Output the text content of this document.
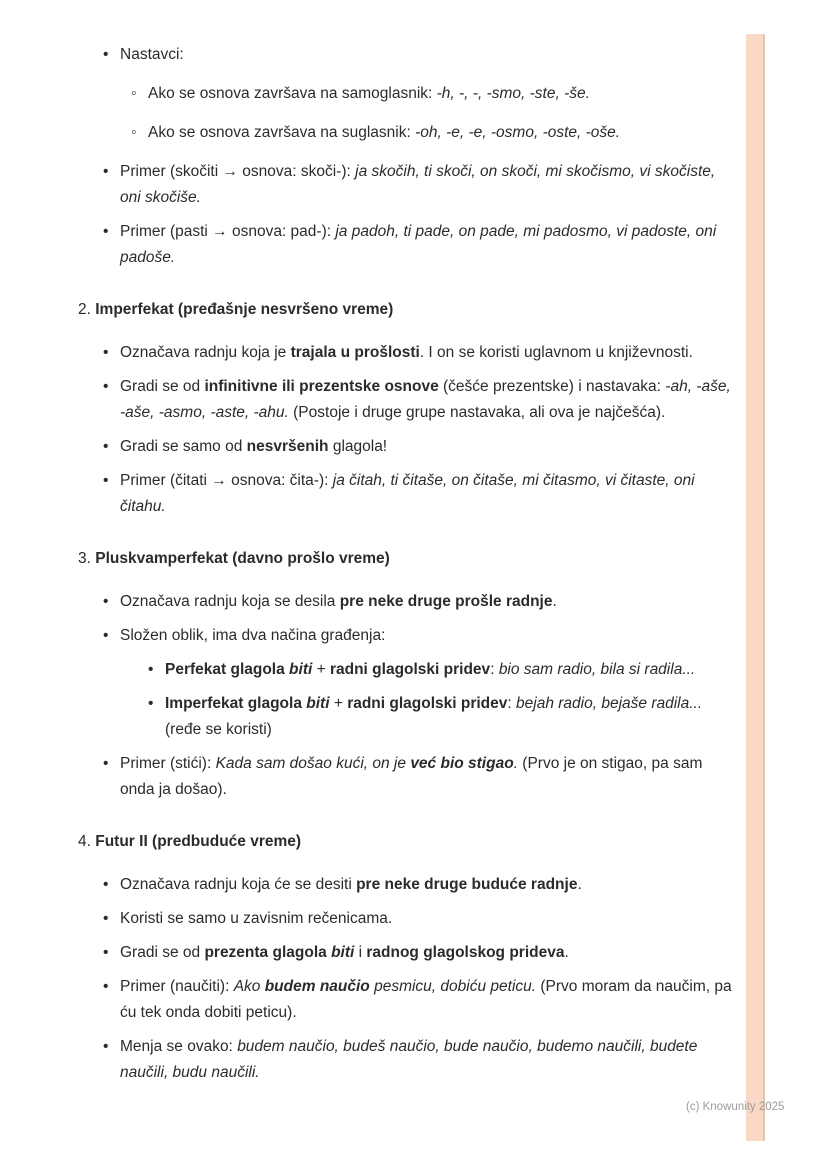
• Nastavci:
◦ Ako se osnova završava na samoglasnik: -h, -, -, -smo, -ste, -še.
◦ Ako se osnova završava na suglasnik: -oh, -e, -e, -osmo, -oste, -oše.
• Primer (skočiti → osnova: skoči-): ja skočih, ti skoči, on skoči, mi skočismo, vi skočiste, oni skočiše.
• Primer (pasti → osnova: pad-): ja padoh, ti pade, on pade, mi padosmo, vi padoste, oni padoše.
2. Imperfekat (pređašnje nesvršeno vreme)
• Označava radnju koja je trajala u prošlosti. I on se koristi uglavnom u književnosti.
• Gradi se od infinitivne ili prezentske osnove (češće prezentske) i nastavaka: -ah, -aše, -aše, -asmo, -aste, -ahu. (Postoje i druge grupe nastavaka, ali ova je najčešća).
• Gradi se samo od nesvršenih glagola!
• Primer (čitati → osnova: čita-): ja čitah, ti čitaše, on čitaše, mi čitasmo, vi čitaste, oni čitahu.
3. Pluskvamperfekat (davno prošlo vreme)
• Označava radnju koja se desila pre neke druge prošle radnje.
• Složen oblik, ima dva načina građenja:
• Perfekat glagola biti + radni glagolski pridev: bio sam radio, bila si radila...
• Imperfekat glagola biti + radni glagolski pridev: bejah radio, bejaše radila... (ređe se koristi)
• Primer (stići): Kada sam došao kući, on je već bio stigao. (Prvo je on stigao, pa sam onda ja došao).
4. Futur II (predbuduće vreme)
• Označava radnju koja će se desiti pre neke druge buduće radnje.
• Koristi se samo u zavisnim rečenicama.
• Gradi se od prezenta glagola biti i radnog glagolskog prideva.
• Primer (naučiti): Ako budem naučio pesmicu, dobiću peticu. (Prvo moram da naučim, pa ću tek onda dobiti peticu).
• Menja se ovako: budem naučio, budeš naučio, bude naučio, budemo naučili, budete naučili, budu naučili.
(c) Knowunity 2025
